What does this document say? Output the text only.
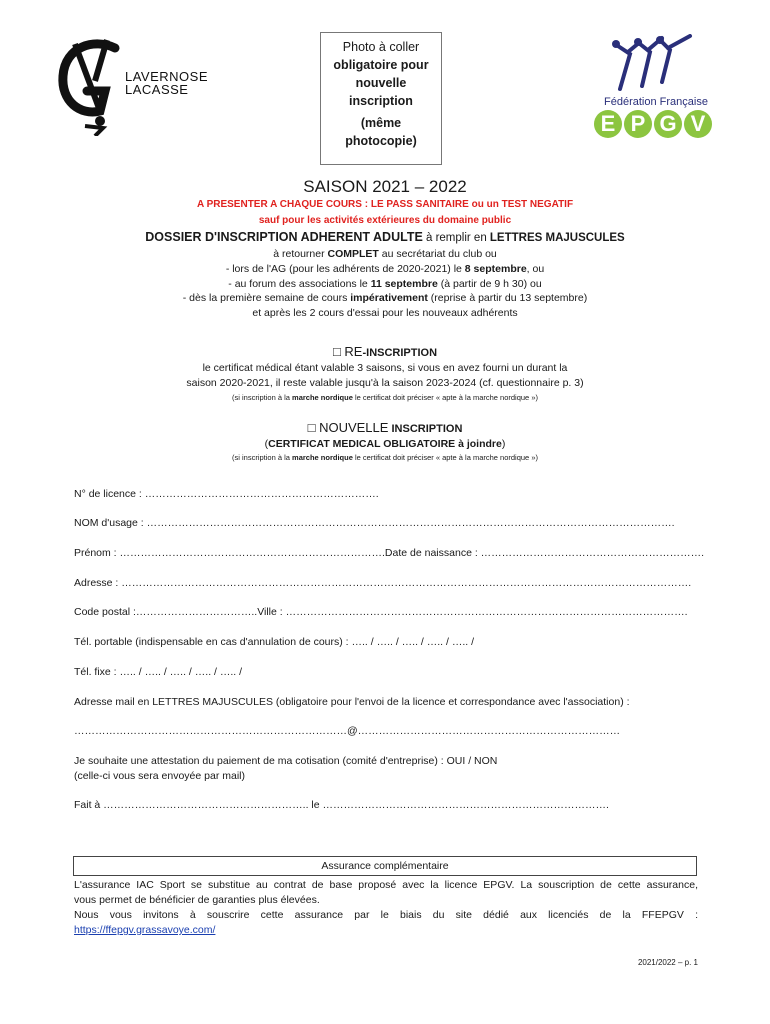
LAVERNOSE
LACASSE
Photo à coller
obligatoire pour
nouvelle
inscription
(même
photocopie)
Fédération Française
E P G V
SAISON 2021 – 2022
A PRESENTER A CHAQUE COURS : LE PASS SANITAIRE ou un TEST NEGATIF
sauf pour les activités extérieures du domaine public
DOSSIER D'INSCRIPTION ADHERENT ADULTE à remplir en LETTRES MAJUSCULES
à retourner COMPLET au secrétariat du club ou
- lors de l'AG (pour les adhérents de 2020-2021) le 8 septembre, ou
- au forum des associations le 11 septembre (à partir de 9 h 30) ou
- dès la première semaine de cours impérativement (reprise à partir du 13 septembre)
et après les 2 cours d'essai pour les nouveaux adhérents
□ RE-INSCRIPTION
le certificat médical étant valable 3 saisons, si vous en avez fourni un durant la
saison 2020-2021, il reste valable jusqu'à la saison 2023-2024 (cf. questionnaire p. 3)
(si inscription à la marche nordique le certificat doit préciser « apte à la marche nordique »)
□ NOUVELLE INSCRIPTION
(CERTIFICAT MEDICAL OBLIGATOIRE à joindre)
(si inscription à la marche nordique le certificat doit préciser « apte à la marche nordique »)
N° de licence : ………………………………………………………….
NOM d'usage : …………………………………………………………………………………………………………………………………….
Prénom : ………………………………………………………………….Date de naissance : ……………………………………………………….
Adresse : ……………………………………………………………………………………………………………………………………………….
Code postal :……………………………..Ville : …………………………………………………………………………………………………….
Tél. portable (indispensable en cas d'annulation de cours) : ….. / ….. / ….. / ….. / ….. /
Tél. fixe : ….. / ….. / ….. / ….. / ….. /
Adresse mail en LETTRES MAJUSCULES (obligatoire pour l'envoi de la licence et correspondance avec l'association) :
……………………………………………………………………@…………………………………………………………………
Je souhaite une attestation du paiement de ma cotisation (comité d'entreprise) : OUI / NON
(celle-ci vous sera envoyée par mail)
Fait à ………………………………………………….. le ……………………………………………………………………….
Assurance complémentaire
L'assurance IAC Sport se substitue au contrat de base proposé avec la licence EPGV. La souscription de cette assurance,
vous permet de bénéficier de garanties plus élevées.
Nous vous invitons à souscrire cette assurance par le biais du site dédié aux licenciés de la FFEPGV :
https://ffepgv.grassavoye.com/
2021/2022 – p. 1
